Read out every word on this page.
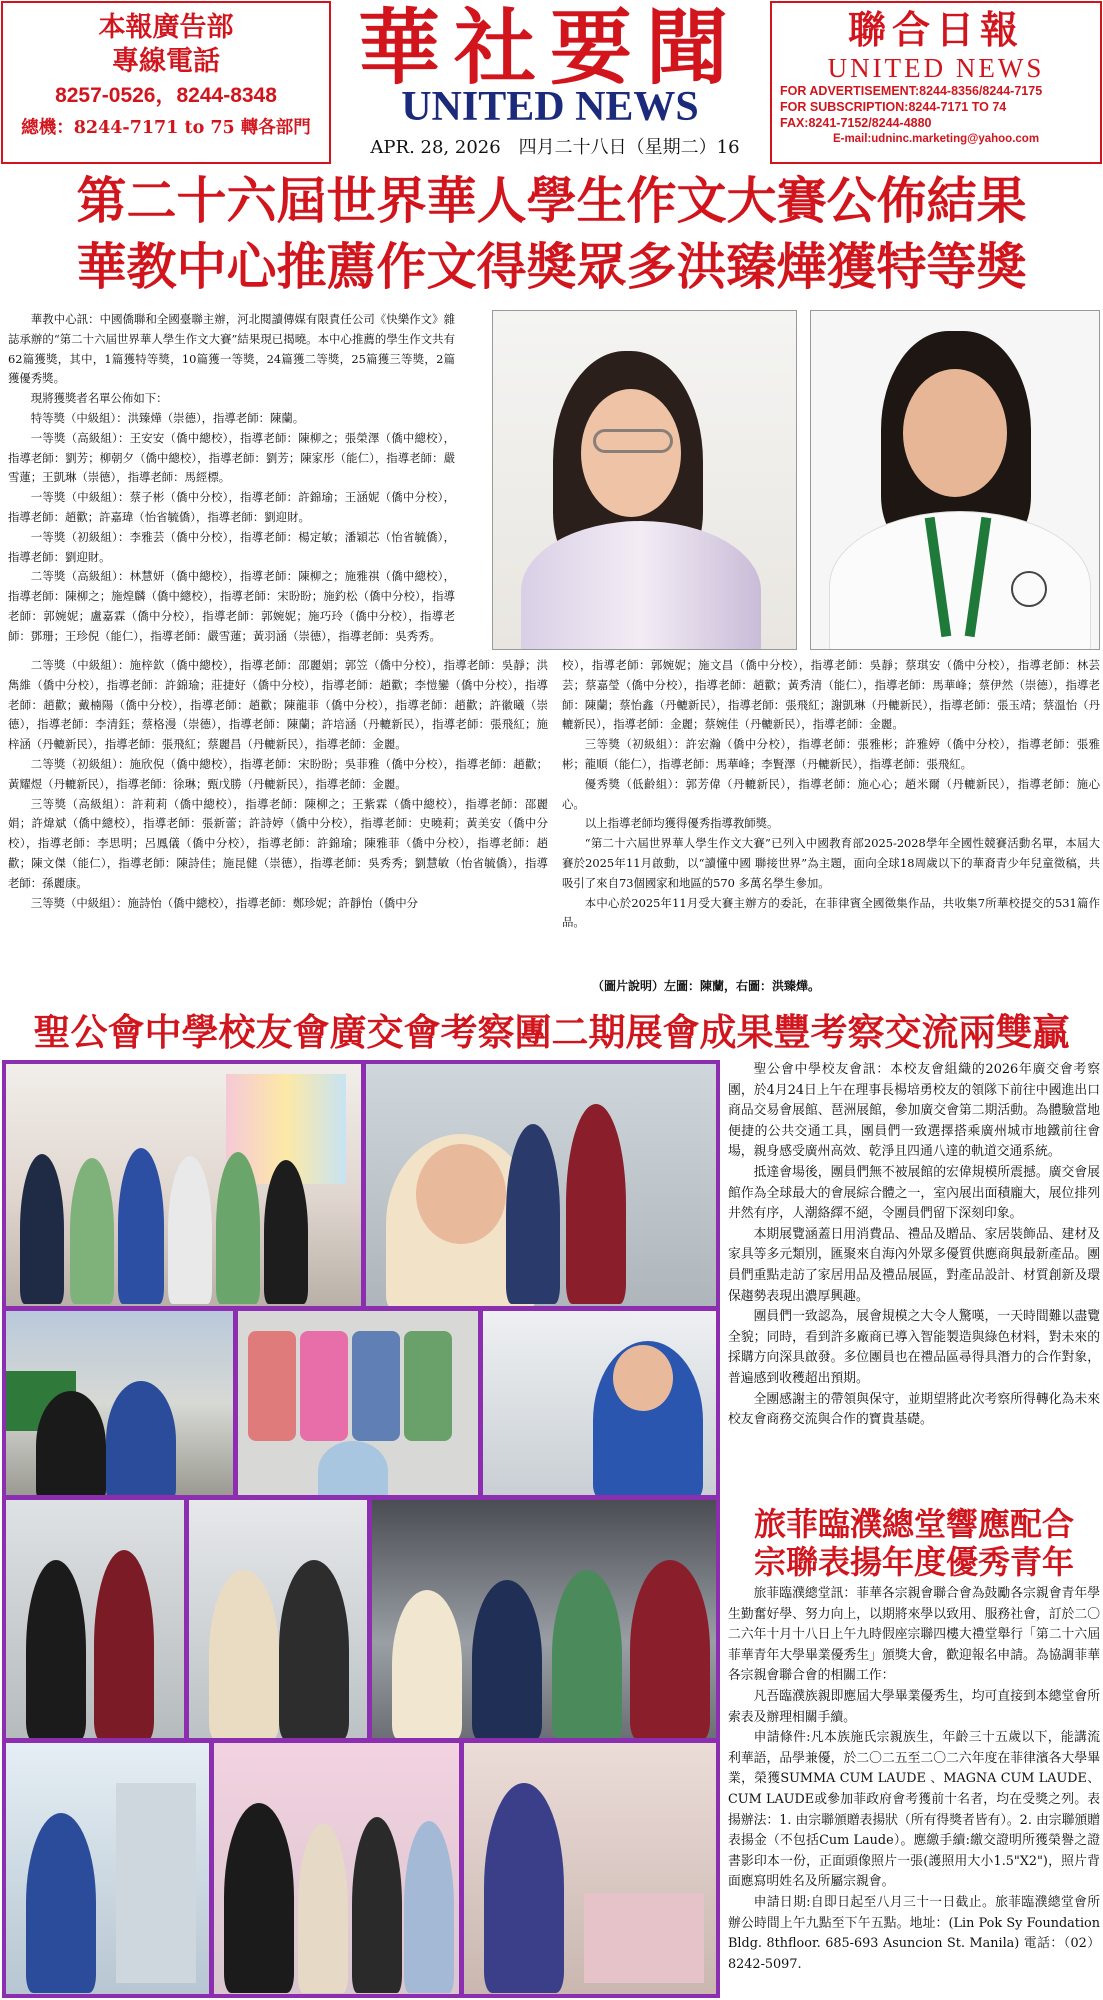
本報廣告部
專線電話
8257-0526，8244-8348
總機：8244-7171 to 75 轉各部門
華社要聞
UNITED NEWS
APR. 28, 2026　四月二十八日（星期二）16
聯合日報
UNITED NEWS
FOR ADVERTISEMENT:8244-8356/8244-7175
FOR SUBSCRIPTION:8244-7171 TO 74
FAX:8241-7152/8244-4880
E-mail:udninc.marketing@yahoo.com
第二十六屆世界華人學生作文大賽公佈結果
華教中心推薦作文得獎眾多洪臻燁獲特等獎

華教中心訊：中國僑聯和全國臺聯主辦，河北閱讀傳媒有限責任公司《快樂作文》雜誌承辦的“第二十六屆世界華人學生作文大賽”結果現已揭曉。本中心推薦的學生作文共有62篇獲獎，其中，1篇獲特等獎，10篇獲一等獎，24篇獲二等獎，25篇獲三等獎，2篇獲優秀獎。

現將獲獎者名單公佈如下：

特等獎（中級組）：洪臻燁（崇德），指導老師：陳蘭。

一等獎（高級組）：王安安（僑中總校），指導老師：陳柳之；張榮澤（僑中總校），指導老師：劉芳；柳朝夕（僑中總校），指導老師：劉芳；陳家彤（能仁），指導老師：嚴雪蓮；王凱琳（崇德），指導老師：馬經標。

一等獎（中級組）：蔡子彬（僑中分校），指導老師：許錦瑜；王涵妮（僑中分校），指導老師：趙歡；許嘉瑋（怡省毓僑），指導老師：劉迎財。

一等獎（初級組）：李雅芸（僑中分校），指導老師：楊定敏；潘穎芯（怡省毓僑），指導老師：劉迎財。

二等獎（高級組）：林慧妍（僑中總校），指導老師：陳柳之；施雅祺（僑中總校），指導老師：陳柳之；施煌麟（僑中總校），指導老師：宋盼盼；施釣松（僑中分校），指導老師：郭婉妮；盧嘉霖（僑中分校），指導老師：郭婉妮；施巧玲（僑中分校），指導老師：鄧珊；王珍倪（能仁），指導老師：嚴雪蓮；黃羽涵（崇德），指導老師：吳秀秀。

二等獎（中級組）：施梓欽（僑中總校），指導老師：邵麗娟；郭笠（僑中分校），指導老師：吳靜；洪雋維（僑中分校），指導老師：許錦瑜；莊捷好（僑中分校），指導老師：趙歡；李愷鑾（僑中分校），指導老師：趙歡；戴楠陽（僑中分校），指導老師：趙歡；陳龍菲（僑中分校），指導老師：趙歡；許徽曦（崇德），指導老師：李清鈺；蔡格漫（崇德），指導老師：陳蘭；許培涵（丹轆新民），指導老師：張飛紅；施梓涵（丹轆新民），指導老師：張飛紅；蔡麗昌（丹轆新民），指導老師：金麗。

二等獎（初級組）：施欣倪（僑中總校），指導老師：宋盼盼；吳菲雅（僑中分校），指導老師：趙歡；黃耀煜（丹轆新民），指導老師：徐琳；甄戊勝（丹轆新民），指導老師：金麗。

三等獎（高級組）：許莉莉（僑中總校），指導老師：陳柳之；王紫霖（僑中總校），指導老師：邵麗娟；許煒斌（僑中總校），指導老師：張新蕾；許詩婷（僑中分校），指導老師：史曉莉；黃美安（僑中分校），指導老師：李思明；呂鳳儀（僑中分校），指導老師：許錦瑜；陳雅菲（僑中分校），指導老師：趙歡；陳文傑（能仁），指導老師：陳詩佳；施昆健（崇德），指導老師：吳秀秀；劉慧敏（怡省毓僑），指導老師：孫麗康。

三等獎（中級組）：施詩怡（僑中總校），指導老師：鄭珍妮；許靜怡（僑中分

校），指導老師：郭婉妮；施文昌（僑中分校），指導老師：吳靜；蔡琪安（僑中分校），指導老師：林芸芸；蔡嘉瑩（僑中分校），指導老師：趙歡；黃秀清（能仁），指導老師：馬華峰；蔡伊然（崇德），指導老師：陳蘭；蔡怡鑫（丹轆新民），指導老師：張飛紅；謝凱琳（丹轆新民），指導老師：張玉靖；蔡溫怡（丹轆新民），指導老師：金麗；蔡婉佳（丹轆新民），指導老師：金麗。

三等獎（初級組）：許宏瀚（僑中分校），指導老師：張雅彬；許雅婷（僑中分校），指導老師：張雅彬；龍順（能仁），指導老師：馬華峰；李賢澤（丹轆新民），指導老師：張飛紅。

優秀獎（低齡組）：郭芳偉（丹轆新民），指導老師：施心心；趙米爾（丹轆新民），指導老師：施心心。

以上指導老師均獲得優秀指導教師獎。

“第二十六屆世界華人學生作文大賽”已列入中國教育部2025-2028學年全國性競賽活動名單，本屆大賽於2025年11月啟動，以“讀懂中國 聯接世界”為主題，面向全球18周歲以下的華裔青少年兒童徵稿，共吸引了來自73個國家和地區的570 多萬名學生參加。

本中心於2025年11月受大賽主辦方的委託，在菲律賓全國徵集作品，共收集7所華校提交的531篇作品。

（圖片說明）左圖：陳蘭，右圖：洪臻燁。
聖公會中學校友會廣交會考察團二期展會成果豐考察交流兩雙贏

聖公會中學校友會訊：本校友會組織的2026年廣交會考察團，於4月24日上午在理事長楊培勇校友的領隊下前往中國進出口商品交易會展館、琶洲展館，參加廣交會第二期活動。為體驗當地便捷的公共交通工具，團員們一致選擇搭乘廣州城市地鐵前往會場，親身感受廣州高效、乾淨且四通八達的軌道交通系統。

抵達會場後，團員們無不被展館的宏偉規模所震撼。廣交會展館作為全球最大的會展綜合體之一，室內展出面積龐大，展位排列井然有序，人潮絡繹不絕，令團員們留下深刻印象。

本期展覽涵蓋日用消費品、禮品及贈品、家居裝飾品、建材及家具等多元類別，匯聚來自海內外眾多優質供應商與最新產品。團員們重點走訪了家居用品及禮品展區，對產品設計、材質創新及環保趨勢表現出濃厚興趣。

團員們一致認為，展會規模之大令人驚嘆，一天時間難以盡覽全貌；同時，看到許多廠商已導入智能製造與綠色材料，對未來的採購方向深具啟發。多位團員也在禮品區尋得具潛力的合作對象，普遍感到收穫超出預期。

全團感謝主的帶領與保守，並期望將此次考察所得轉化為未來校友會商務交流與合作的寶貴基礎。

旅菲臨濮總堂響應配合
宗聯表揚年度優秀青年

旅菲臨濮總堂訊：菲華各宗親會聯合會為鼓勵各宗親會青年學生勤奮好學、努力向上，以期將來學以致用、服務社會，訂於二〇二六年十月十八日上午九時假座宗聯四樓大禮堂舉行「第二十六屆菲華青年大學畢業優秀生」頒獎大會，歡迎報名申請。為協調菲華各宗親會聯合會的相關工作：

凡吾臨濮族親即應屆大學畢業優秀生，均可直接到本總堂會所索表及辦理相關手續。

申請條件:凡本族施氏宗親族生，年齡三十五歲以下，能講流利華語，品學兼優，於二〇二五至二〇二六年度在菲律濱各大學畢業，榮獲SUMMA CUM LAUDE 、MAGNA CUM LAUDE、CUM LAUDE或參加菲政府會考獲前十名者，均在受獎之列。表揚辦法：1. 由宗聯頒贈表揚狀（所有得獎者皆有）。2. 由宗聯頒贈表揚金（不包括Cum Laude）。應繳手續:繳交證明所獲榮譽之證書影印本一份，正面頭像照片一張(護照用大小1.5"X2")，照片背面應寫明姓名及所屬宗親會。

申請日期:自即日起至八月三十一日截止。旅菲臨濮總堂會所辦公時間上午九點至下午五點。地址：(Lin Pok Sy Foundation Bldg. 8thfloor. 685-693 Asuncion St. Manila) 電話：（02）8242-5097.
